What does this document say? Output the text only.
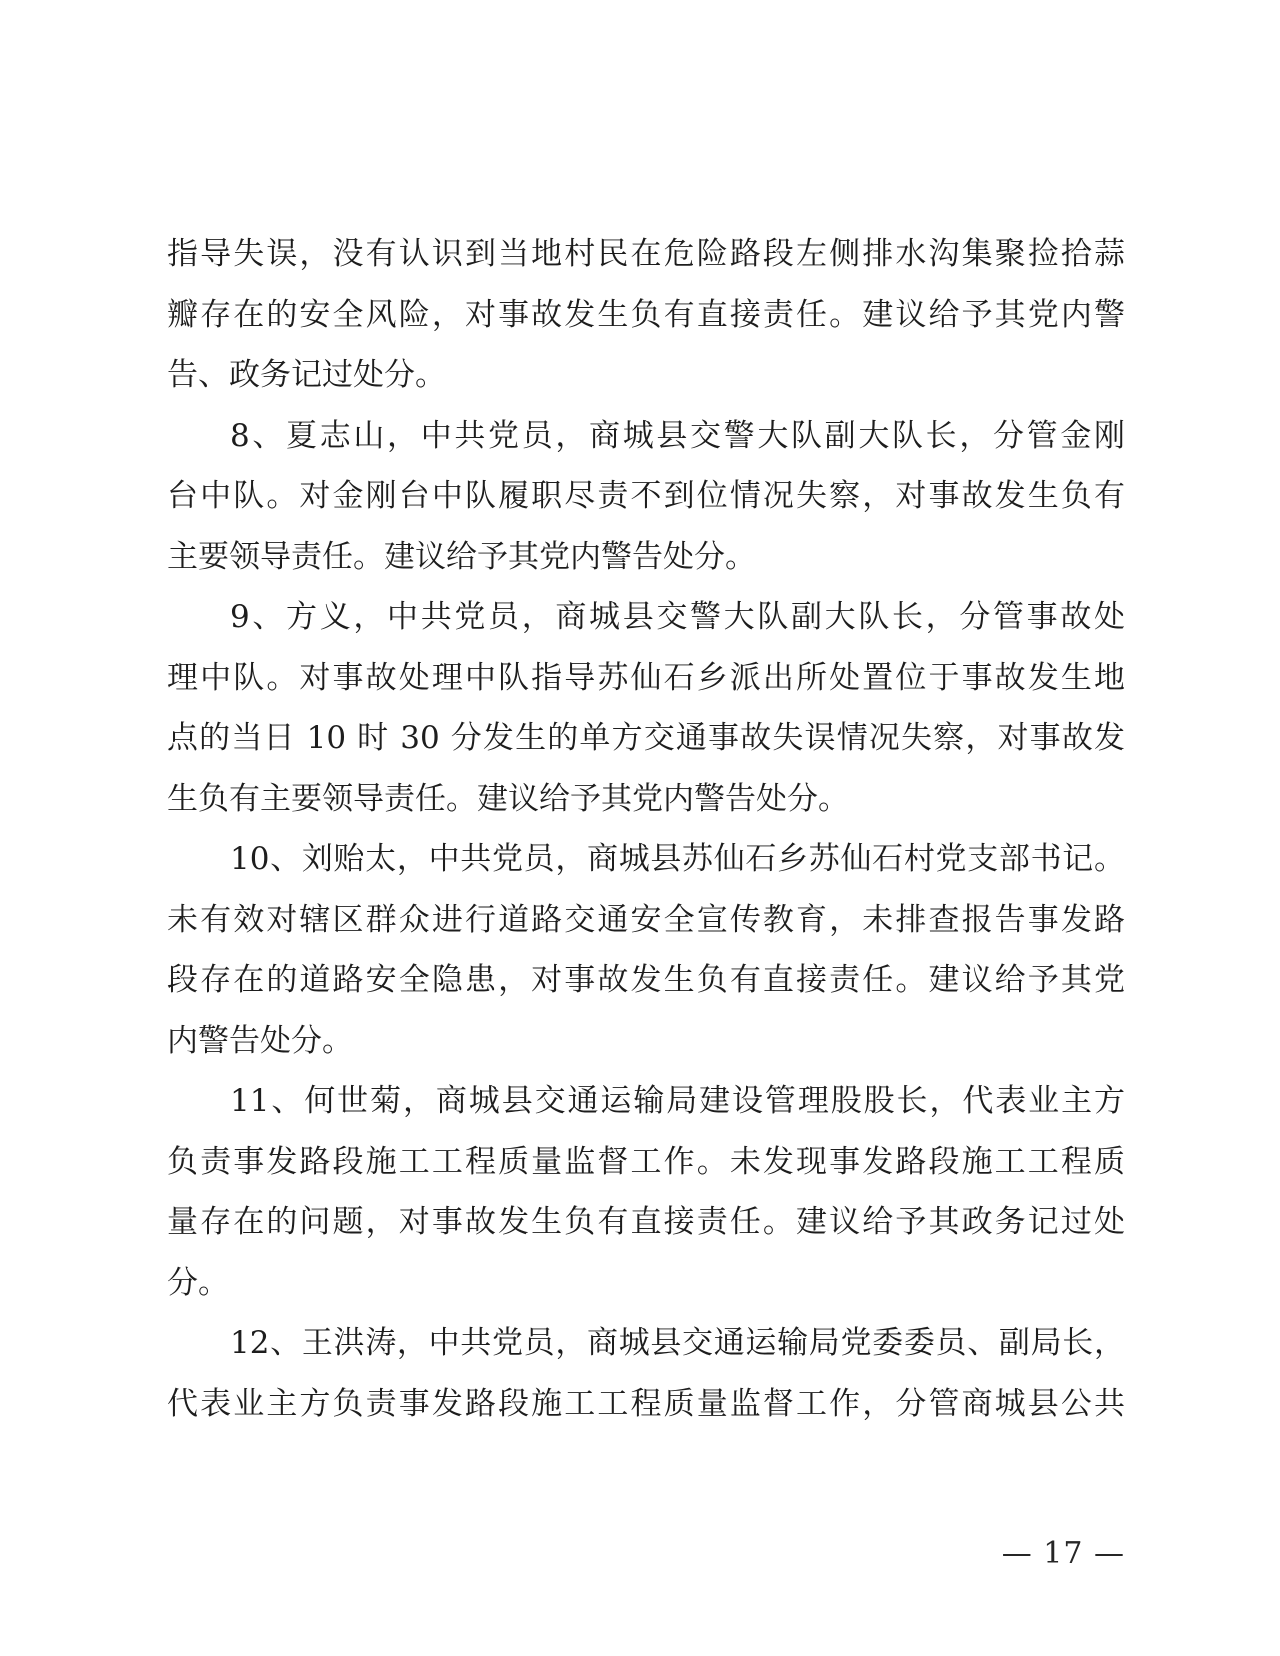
指导失误，没有认识到当地村民在危险路段左侧排水沟集聚捡拾蒜
瓣存在的安全风险，对事故发生负有直接责任。建议给予其党内警
告、政务记过处分。
8、夏志山，中共党员，商城县交警大队副大队长，分管金刚
台中队。对金刚台中队履职尽责不到位情况失察，对事故发生负有
主要领导责任。建议给予其党内警告处分。
9、方义，中共党员，商城县交警大队副大队长，分管事故处
理中队。对事故处理中队指导苏仙石乡派出所处置位于事故发生地
点的当日 10 时 30 分发生的单方交通事故失误情况失察，对事故发
生负有主要领导责任。建议给予其党内警告处分。
10、刘贻太，中共党员，商城县苏仙石乡苏仙石村党支部书记。
未有效对辖区群众进行道路交通安全宣传教育，未排查报告事发路
段存在的道路安全隐患，对事故发生负有直接责任。建议给予其党
内警告处分。
11、何世菊，商城县交通运输局建设管理股股长，代表业主方
负责事发路段施工工程质量监督工作。未发现事发路段施工工程质
量存在的问题，对事故发生负有直接责任。建议给予其政务记过处
分。
12、王洪涛，中共党员，商城县交通运输局党委委员、副局长，
代表业主方负责事发路段施工工程质量监督工作，分管商城县公共
— 17 —
